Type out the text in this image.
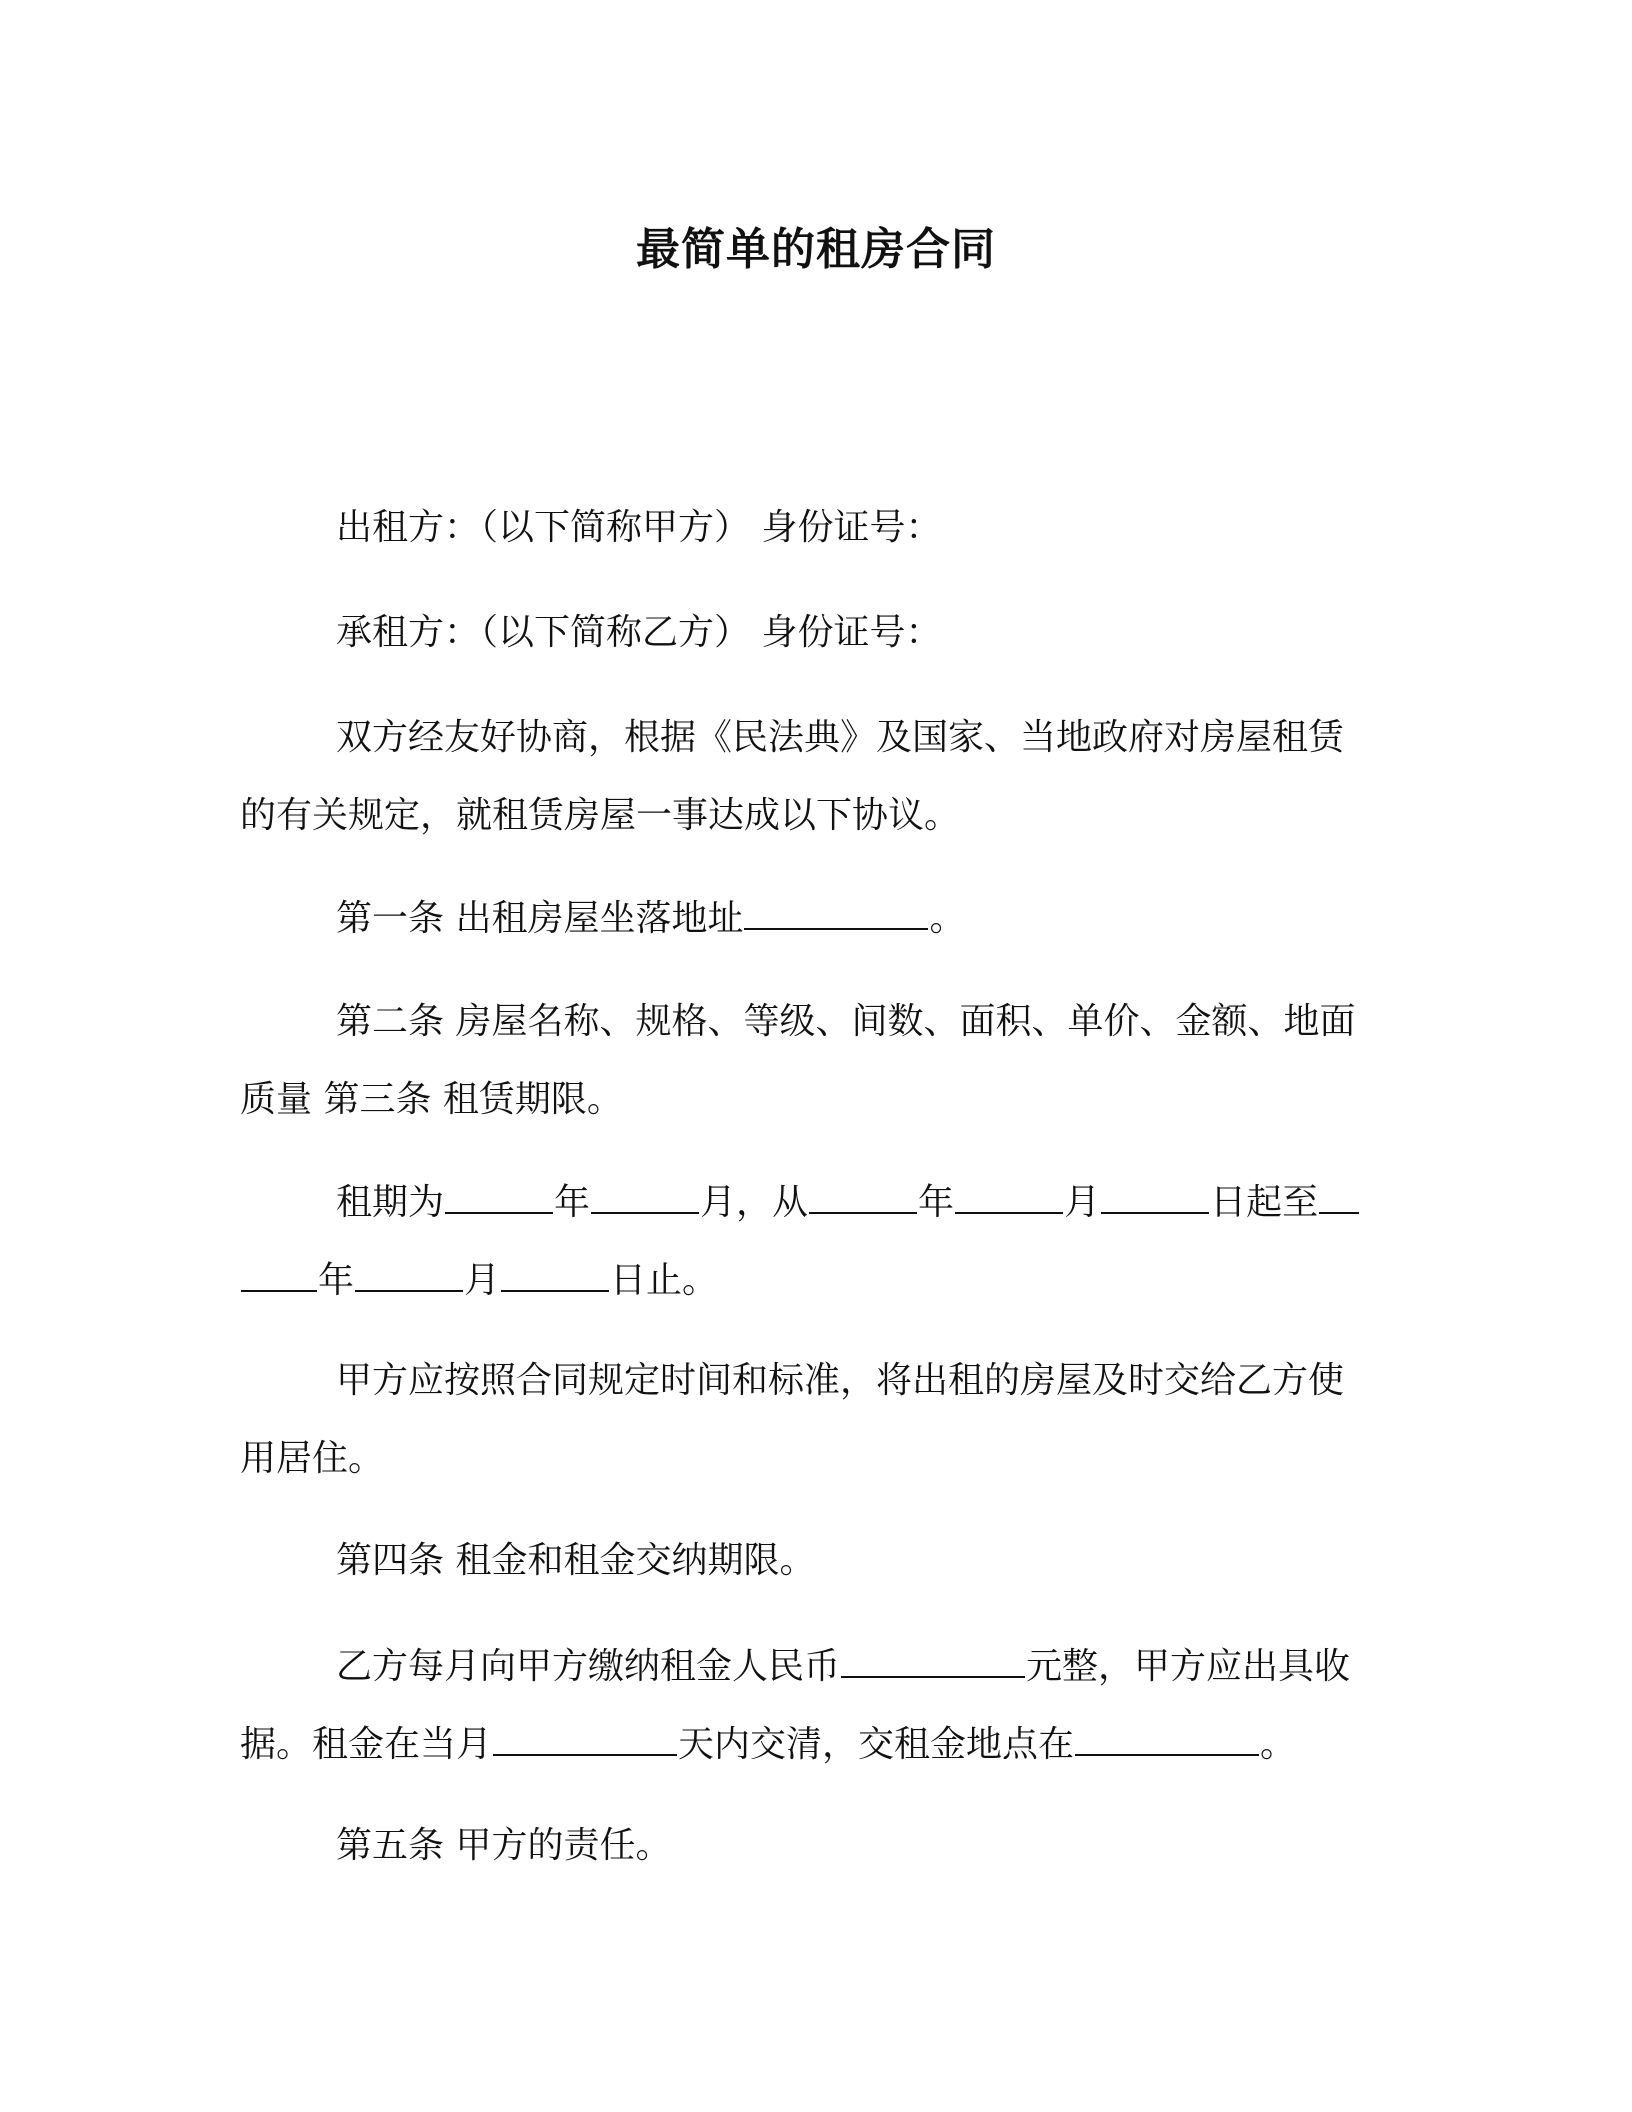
最简单的租房合同
出租方：（以下简称甲方） 身份证号：
承租方：（以下简称乙方） 身份证号：
双方经友好协商，根据《民法典》及国家、当地政府对房屋租赁
的有关规定，就租赁房屋一事达成以下协议。
第一条 出租房屋坐落地址	。
第二条 房屋名称、规格、等级、间数、面积、单价、金额、地面
质量 第三条 租赁期限。
租期为	年	月，从	年	月	日起至
年	月	日止。
甲方应按照合同规定时间和标准，将出租的房屋及时交给乙方使
用居住。
第四条 租金和租金交纳期限。
乙方每月向甲方缴纳租金人民币	元整，甲方应出具收
据。租金在当月	天内交清，交租金地点在	。
第五条 甲方的责任。
